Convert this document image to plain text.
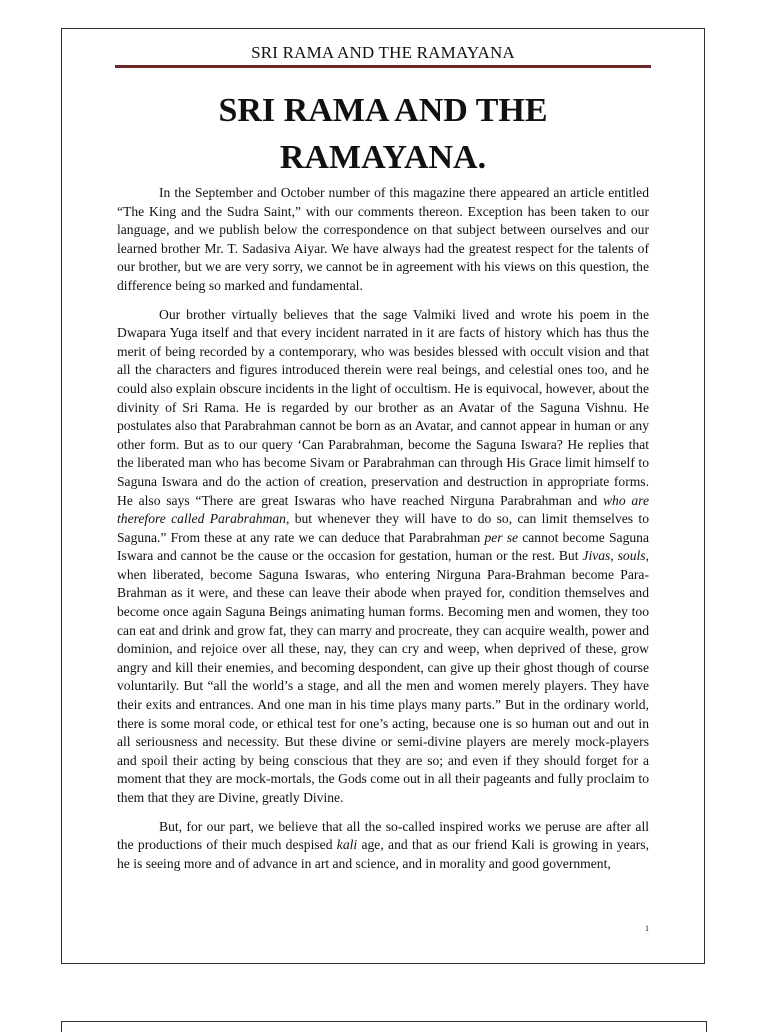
SRI RAMA AND THE RAMAYANA
SRI RAMA AND THE
RAMAYANA.

In the September and October number of this magazine there appeared an article entitled “The King and the Sudra Saint,” with our comments thereon. Exception has been taken to our language, and we publish below the correspondence on that subject between ourselves and our learned brother Mr. T. Sadasiva Aiyar. We have always had the greatest respect for the talents of our brother, but we are very sorry, we cannot be in agreement with his views on this question, the difference being so marked and fundamental.

Our brother virtually believes that the sage Valmiki lived and wrote his poem in the Dwapara Yuga itself and that every incident narrated in it are facts of history which has thus the merit of being recorded by a contemporary, who was besides blessed with occult vision and that all the characters and figures introduced therein were real beings, and celestial ones too, and he could also explain obscure incidents in the light of occultism. He is equivocal, however, about the divinity of Sri Rama. He is regarded by our brother as an Avatar of the Saguna Vishnu. He postulates also that Parabrahman cannot be born as an Avatar, and cannot appear in human or any other form. But as to our query ‘Can Parabrahman, become the Saguna Iswara? He replies that the liberated man who has become Sivam or Parabrahman can through His Grace limit himself to Saguna Iswara and do the action of creation, preservation and destruction in appropriate forms. He also says “There are great Iswaras who have reached Nirguna Parabrahman and who are therefore called Parabrahman, but whenever they will have to do so, can limit themselves to Saguna.” From these at any rate we can deduce that Parabrahman per se cannot become Saguna Iswara and cannot be the cause or the occasion for gestation, human or the rest. But Jivas, souls, when liberated, become Saguna Iswaras, who entering Nirguna Para-Brahman become Para-Brahman as it were, and these can leave their abode when prayed for, condition themselves and become once again Saguna Beings animating human forms. Becoming men and women, they too can eat and drink and grow fat, they can marry and procreate, they can acquire wealth, power and dominion, and rejoice over all these, nay, they can cry and weep, when deprived of these, grow angry and kill their enemies, and becoming despondent, can give up their ghost though of course voluntarily. But “all the world’s a stage, and all the men and women merely players. They have their exits and entrances. And one man in his time plays many parts.” But in the ordinary world, there is some moral code, or ethical test for one’s acting, because one is so human out and out in all seriousness and necessity. But these divine or semi-divine players are merely mock-players and spoil their acting by being conscious that they are so; and even if they should forget for a moment that they are mock-mortals, the Gods come out in all their pageants and fully proclaim to them that they are Divine, greatly Divine.

But, for our part, we believe that all the so-called inspired works we peruse are after all the productions of their much despised kali age, and that as our friend Kali is growing in years, he is seeing more and of advance in art and science, and in morality and good government,

1
